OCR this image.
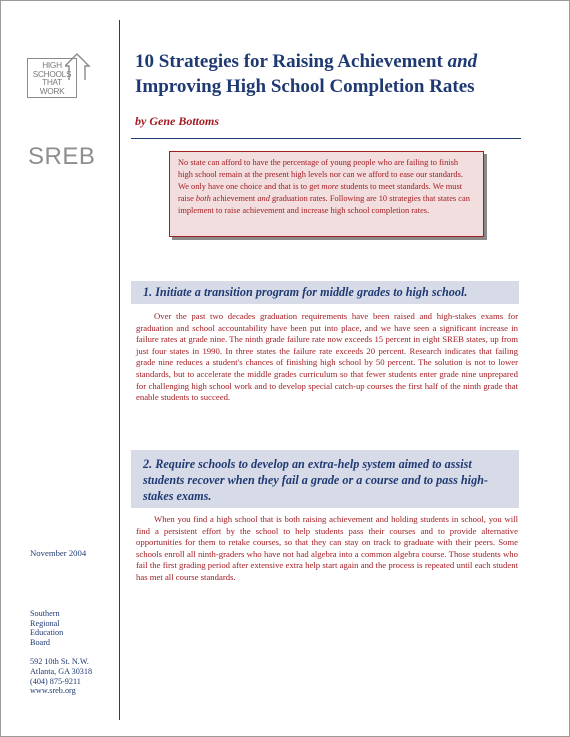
HIGH
SCHOOLS
THAT
WORK
SREB
10 Strategies for Raising Achievement and
Improving High School Completion Rates
by Gene Bottoms

No state can afford to have the percentage of young people who are failing to finish high school remain at the present high levels nor can we afford to ease our standards. We only have one choice and that is to get more students to meet standards. We must raise both achievement and graduation rates. Following are 10 strategies that states can implement to raise achievement and increase high school completion rates.

1. Initiate a transition program for middle grades to high school.

Over the past two decades graduation requirements have been raised and high-stakes exams for graduation and school accountability have been put into place, and we have seen a significant increase in failure rates at grade nine. The ninth grade failure rate now exceeds 15 percent in eight SREB states, up from just four states in 1990. In three states the failure rate exceeds 20 percent. Research indicates that failing grade nine reduces a student's chances of finishing high school by 50 percent. The solution is not to lower standards, but to accelerate the middle grades curriculum so that fewer students enter grade nine unprepared for challenging high school work and to develop special catch-up courses the first half of the ninth grade that enable students to succeed.

2. Require schools to develop an extra-help system aimed to assist students recover when they fail a grade or a course and to pass high-stakes exams.

When you find a high school that is both raising achievement and holding students in school, you will find a persistent effort by the school to help students pass their courses and to provide alternative opportunities for them to retake courses, so that they can stay on track to graduate with their peers. Some schools enroll all ninth-graders who have not had algebra into a common algebra course. Those students who fail the first grading period after extensive extra help start again and the process is repeated until each student has met all course standards.

November 2004
Southern
Regional
Education
Board
592 10th St. N.W.
Atlanta, GA 30318
(404) 875-9211
www.sreb.org
